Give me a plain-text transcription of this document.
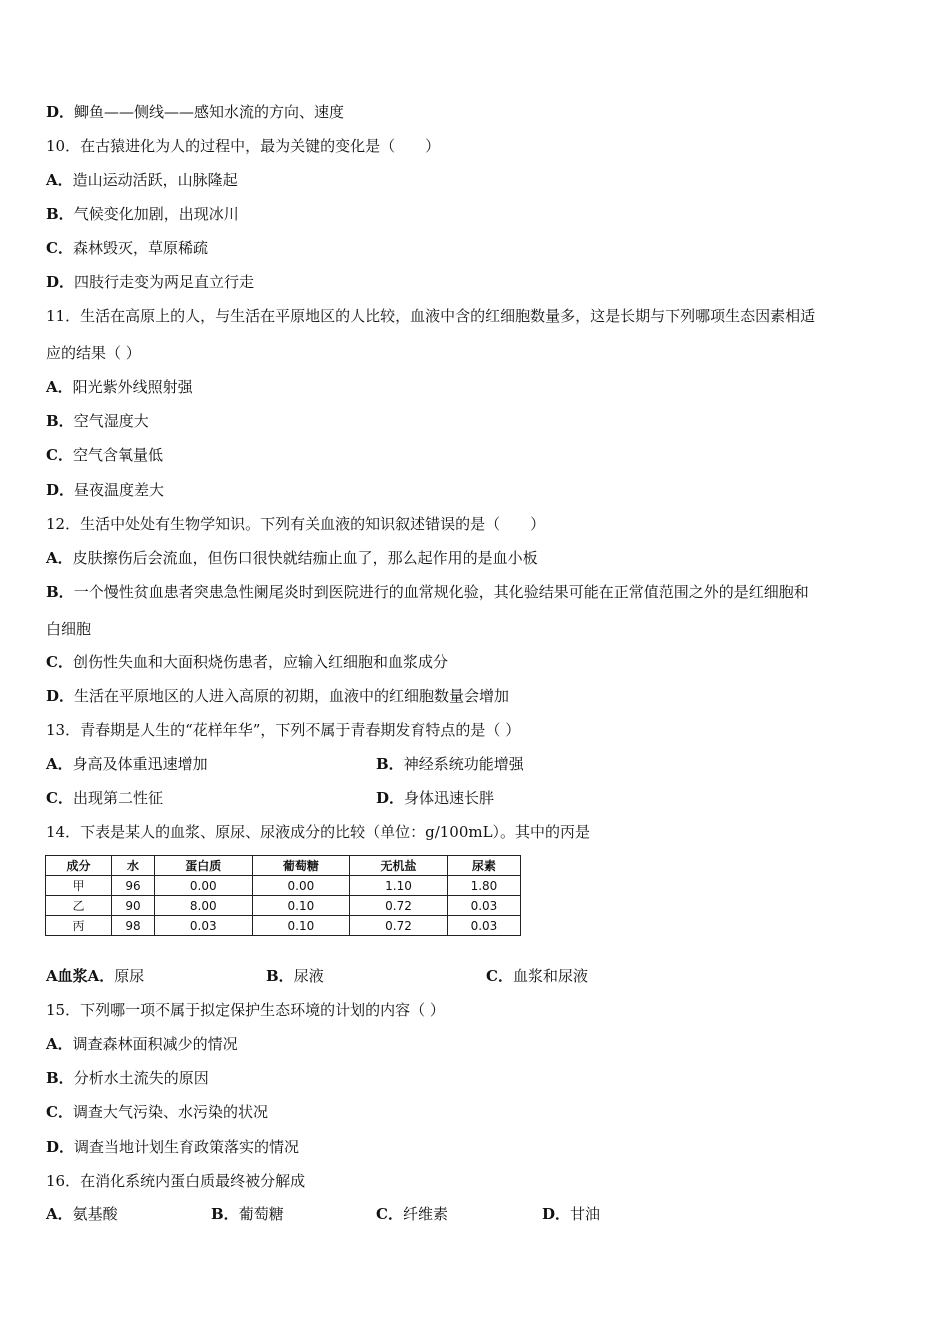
D．鲫鱼——侧线——感知水流的方向、速度
10．在古猿进化为人的过程中，最为关键的变化是（　　）
A．造山运动活跃，山脉隆起
B．气候变化加剧，出现冰川
C．森林毁灭，草原稀疏
D．四肢行走变为两足直立行走
11．生活在高原上的人，与生活在平原地区的人比较，血液中含的红细胞数量多，这是长期与下列哪项生态因素相适
应的结果（ ）
A．阳光紫外线照射强
B．空气湿度大
C．空气含氧量低
D．昼夜温度差大
12．生活中处处有生物学知识。下列有关血液的知识叙述错误的是（　　）
A．皮肤擦伤后会流血，但伤口很快就结痂止血了，那么起作用的是血小板
B．一个慢性贫血患者突患急性阑尾炎时到医院进行的血常规化验，其化验结果可能在正常值范围之外的是红细胞和
白细胞
C．创伤性失血和大面积烧伤患者，应输入红细胞和血浆成分
D．生活在平原地区的人进入高原的初期，血液中的红细胞数量会增加
13．青春期是人生的“花样年华”，下列不属于青春期发育特点的是（ ）
A．身高及体重迅速增加	B．神经系统功能增强
C．出现第二性征	D．身体迅速长胖
14．下表是某人的血浆、原尿、尿液成分的比较（单位：g/100mL）。其中的丙是
成分	水	蛋白质	葡萄糖	无机盐	尿素
甲	96	0.00	0.00	1.10	1.80
乙	90	8.00	0.10	0.72	0.03
丙	98	0.03	0.10	0.72	0.03
A血浆A．原尿	B．尿液	C．血浆和尿液
15．下列哪一项不属于拟定保护生态环境的计划的内容（ ）
A．调查森林面积减少的情况
B．分析水土流失的原因
C．调查大气污染、水污染的状况
D．调查当地计划生育政策落实的情况
16．在消化系统内蛋白质最终被分解成
A．氨基酸	B．葡萄糖	C．纤维素	D．甘油
